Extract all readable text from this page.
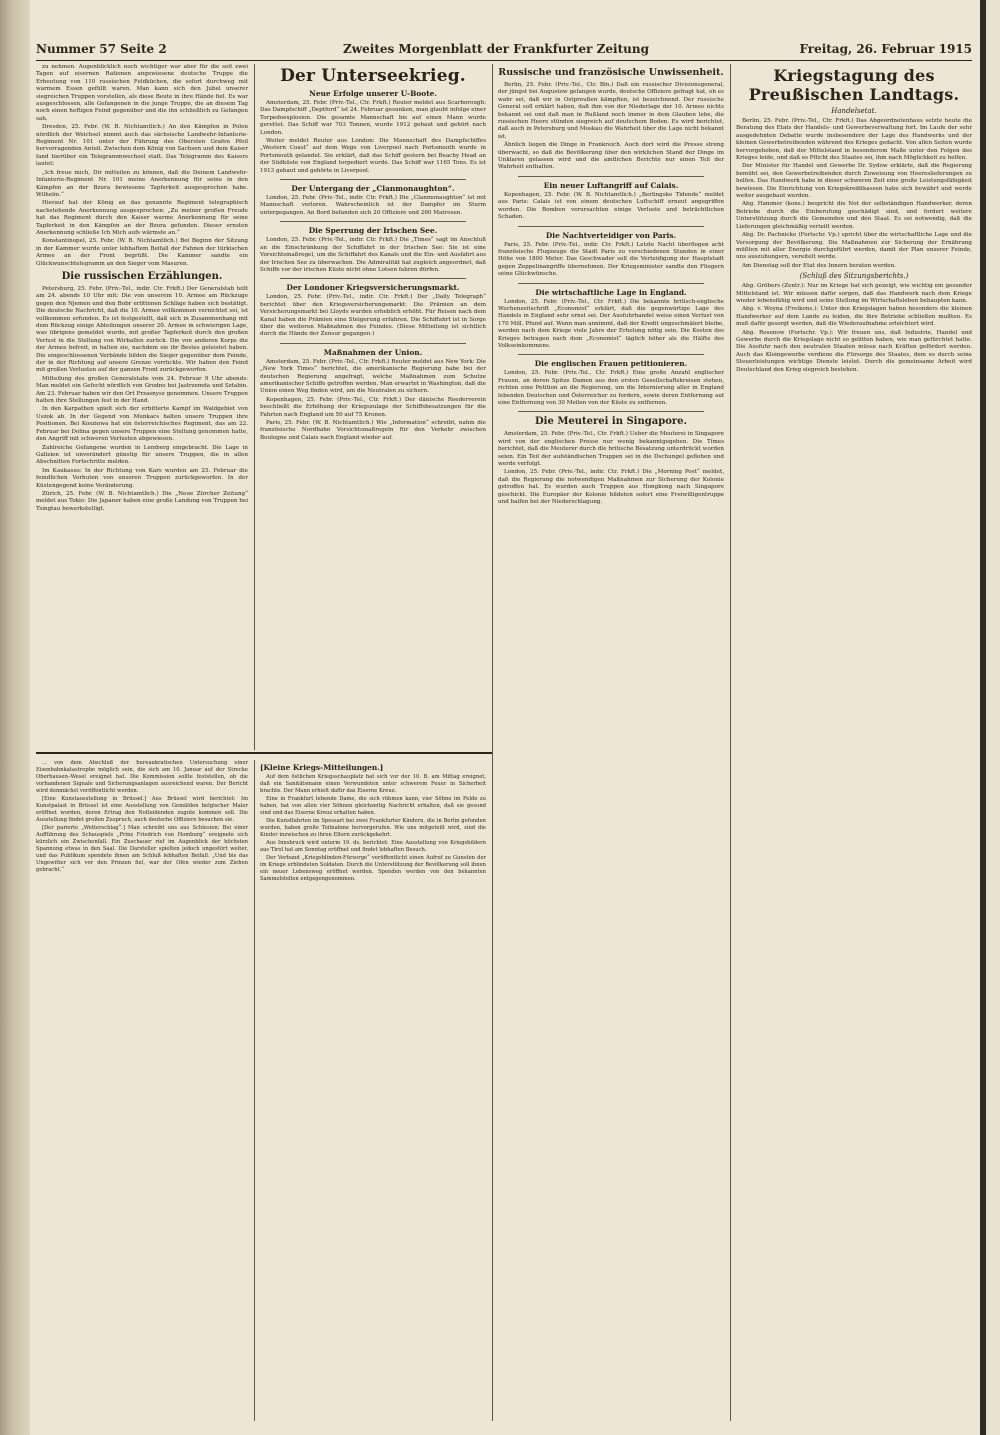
Nummer 57 Seite 2	Zweites Morgenblatt der Frankfurter Zeitung	Freitag, 26. Februar 1915

zu nehmen. Augenblicklich noch wichtiger war aber für die seit zwei Tagen auf eisernen Rationen angewiesene deutsche Truppe die Erbeutung von 110 russischen Feldküchen, die sofort durchweg mit warmem Essen gefüllt waren. Man kann sich den Jubel unserer siegreichen Truppen vorstellen, als diese Beute in ihre Hände fiel. Es war ausgeschlossen, alle Gefangenen in die junge Truppe, die an diesem Tag noch einen heftigen Feind gegenüber und die ihn schließlich zu Gefangen sah.

Dresden, 25. Febr. (W. B. Nichtamtlich.) An den Kämpfen in Polen nördlich der Weichsel nimmt auch das sächsische Landwehr-Infanterie-Regiment Nr. 101 unter der Führung des Obersten Grafen Pfeil hervorragenden Anteil. Zwischen dem König von Sachsen und dem Kaiser fand hierüber ein Telegrammwechsel statt. Das Telegramm des Kaisers lautet:

„Ich freue mich, Dir mitteilen zu können, daß die Deinem Landwehr-Infanterie-Regiment Nr. 101 meine Anerkennung für seine in den Kämpfen an der Bzura bewiesene Tapferkeit ausgesprochen habe. Wilhelm.“

Hierauf hat der König an das genannte Regiment telegraphisch nachstehende Anerkennung ausgesprochen: „Zu meiner großen Freude hat das Regiment durch den Kaiser warme Anerkennung für seine Tapferkeit in den Kämpfen an der Bzura gefunden. Dieser ernsten Anerkennung schließe Ich Mich aufs wärmste an.“

Konstantinopel, 25. Febr. (W. B. Nichtamtlich.) Bei Beginn der Sitzung in der Kammer wurde unter lebhaftem Beifall der Fahnen der türkischen Armee an der Front begrüßt. Die Kammer sandte ein Glückwunschtelegramm an den Sieger vom Masuren.

Die russischen Erzählungen.

Petersburg, 25. Febr. (Priv.-Tel., indir. Ctr. Frkft.) Der Generalstab teilt am 24. abends 10 Uhr mit: Die von unserem 10. Armee am Rückzuge gegen den Njemen und den Bobr erlittenen Schläge haben sich bestätigt. Die deutsche Nachricht, daß die 10. Armee vollkommen vernichtet sei, ist vollkommen erfunden. Es ist festgestellt, daß sich in Zusammenhang mit dem Rückzug einige Abteilungen unserer 20. Armee in schwierigen Lage, was übrigens gemeldet wurde, mit großer Tapferkeit durch den großen Verlust in die Stellung von Wirballen zurück. Die von anderen Korps die der Armee befreit, in halten sie, nachdem sie ihr Bestes geleistet haben. Die eingeschlossenen Verbände bilden die Sieger gegenüber dem Feinde, der in der Richtung auf unsere Grenze vorrückte. Wir haben den Feind mit großen Verlusten auf der ganzen Front zurückgeworfen.

Mitteilung des großen Generalstabs vom 24. Februar 9 Uhr abends: Man meldet ein Gefecht nördlich von Grodno bei Jastrzemda und Sztabin. Am 23. Februar haben wir den Ort Przasnysz genommen. Unsere Truppen halten ihre Stellungen fest in der Hand.

In den Karpathen spielt sich der erbitterte Kampf im Waldgebiet von Uszok ab. In der Gegend von Munkacs halten unsere Truppen ihre Positionen. Bei Kosziowa hat ein österreichisches Regiment, das am 22. Februar bei Dolina gegen unsere Truppen eine Stellung genommen hatte, den Angriff mit schweren Verlusten abgewiesen.

Zahlreiche Gefangene wurden in Lemberg eingebracht. Die Lage in Galizien ist unverändert günstig für unsere Truppen, die in allen Abschnitten Fortschritte melden.

Im Kaukasus: In der Richtung von Kars wurden am 25. Februar die feindlichen Vorhuten von unseren Truppen zurückgeworfen. In der Küstengegend keine Veränderung.

Zürich, 25. Febr. (W. B. Nichtamtlich.) Die „Neue Zürcher Zeitung“ meldet aus Tokio: Die Japaner haben eine große Landung von Truppen bei Tsingtau bewerkstelligt.

Der Unterseekrieg.
Neue Erfolge unserer U-Boote.

Amsterdam, 25. Febr. (Priv.-Tel., Ctr. Frkft.) Reuter meldet aus Scarborough: Das Dampfschiff „Deptford“ ist 24. Februar gesunken, man glaubt infolge einer Torpedoexplosion. Die gesamte Mannschaft bis auf einen Mann wurde gerettet. Das Schiff war 703 Tonnen, wurde 1912 gebaut und gehört nach London.

Weiter meldet Reuter aus London: Die Mannschaft des Dampfschiffes „Western Coast“ auf dem Wege von Liverpool nach Portsmouth wurde in Portsmouth gelandet. Sie erklärt, daß das Schiff gestern bei Beachy Head an der Südküste von England torpediert wurde. Das Schiff war 1165 Tons. Es ist 1913 gebaut und gehörte in Liverpool.

Der Untergang der „Clanmonaughton“.

London, 25. Febr. (Priv.-Tel., indir. Ctr. Frkft.) Die „Clanmonaughton“ ist mit Mannschaft verloren. Wahrscheinlich ist der Dampfer im Sturm untergegangen. An Bord befanden sich 20 Offiziere und 260 Matrosen.

Die Sperrung der Irischen See.

London, 25. Febr. (Priv.-Tel., indir. Ctr. Frkft.) Die „Times“ sagt im Anschluß an die Einschränkung der Schiffahrt in der Irischen See: Sie ist eine Vorsichtsmaßregel, um die Schiffahrt des Kanals und die Ein- und Ausfahrt aus der Irischen See zu überwachen. Die Admiralität hat zugleich angeordnet, daß Schiffe vor der irischen Küste nicht ohne Lotsen fahren dürfen.

Der Londoner Kriegsversicherungsmarkt.

London, 25. Febr. (Priv.-Tel., indir. Ctr. Frkft.) Der „Daily Telegraph“ berichtet über den Kriegsversicherungsmarkt: Die Prämien an dem Versicherungsmarkt bei Lloyds wurden erheblich erhöht. Für Reisen nach dem Kanal haben die Prämien eine Steigerung erfahren. Die Schiffahrt ist in Sorge über die weiteren Maßnahmen des Feindes. (Diese Mitteilung ist sichtlich durch die Hände der Zensur gegangen.)

Maßnahmen der Union.

Amsterdam, 25. Febr. (Priv.-Tel., Ctr. Frkft.) Reuter meldet aus New York: Die „New York Times“ berichtet, die amerikanische Regierung habe bei der deutschen Regierung angefragt, welche Maßnahmen zum Schutze amerikanischer Schiffe getroffen werden. Man erwartet in Washington, daß die Union einen Weg finden wird, um die Neutralen zu sichern.

Kopenhagen, 25. Febr. (Priv.-Tel., Ctr. Frkft.) Der dänische Reederverein beschließt die Erhöhung der Kriegszulage der Schiffsbesatzungen für die Fahrten nach England um 50 auf 75 Kronen.

Paris, 25. Febr. (W. B. Nichtamtlich.) Wie „Information“ schreibt, nahm die französische Nordbahn Vorsichtsmaßregeln für den Verkehr zwischen Boulogne und Calais nach England wieder auf.

Russische und französische Unwissenheit.

Berlin, 25. Febr. (Priv.-Tel., Ctr. Bln.) Daß ein russischer Divisionsgeneral, der jüngst bei Augustow gefangen wurde, deutsche Offiziere gefragt hat, ob es wahr sei, daß wir in Ostpreußen kämpften, ist bezeichnend. Der russische General soll erklärt haben, daß ihm von der Niederlage der 10. Armee nichts bekannt sei und daß man in Rußland noch immer in dem Glauben lebe, die russischen Heere stünden siegreich auf deutschem Boden. Es wird berichtet, daß auch in Petersburg und Moskau die Wahrheit über die Lage nicht bekannt ist.

Ähnlich liegen die Dinge in Frankreich. Auch dort wird die Presse streng überwacht, so daß die Bevölkerung über den wirklichen Stand der Dinge im Unklaren gelassen wird und die amtlichen Berichte nur einen Teil der Wahrheit enthalten.

Ein neuer Luftangriff auf Calais.

Kopenhagen, 25. Febr. (W. B. Nichtamtlich.) „Berlingske Tidende“ meldet aus Paris: Calais ist von einem deutschen Luftschiff erneut angegriffen worden. Die Bomben verursachten einige Verluste und beträchtlichen Schaden.

Die Nachtverteidiger von Paris.

Paris, 25. Febr. (Priv.-Tel., indir. Ctr. Frkft.) Letzte Nacht überflogen acht französische Flugzeuge die Stadt Paris zu verschiedenen Stunden in einer Höhe von 1800 Meter. Das Geschwader soll die Verteidigung der Hauptstadt gegen Zeppelinangriffe übernehmen. Der Kriegsminister sandte den Fliegern seine Glückwünsche.

Die wirtschaftliche Lage in England.

London, 25. Febr. (Priv.-Tel., Ctr. Frkft.) Die bekannte britisch-englische Wochenzeitschrift „Economist“ erklärt, daß die gegenwärtige Lage des Handels in England sehr ernst sei. Der Ausfuhrhandel weise einen Verlust von 170 Mill. Pfund auf. Wenn man annimmt, daß der Kredit ungeschmälert bleibe, werden nach dem Kriege viele Jahre der Erholung nötig sein. Die Kosten des Krieges betragen nach dem „Economist“ täglich höher als die Hälfte des Volkseinkommens.

Die englischen Frauen petitionieren.

London, 25. Febr. (Priv.-Tel., Ctr. Frkft.) Eine große Anzahl englischer Frauen, an deren Spitze Damen aus den ersten Gesellschaftskreisen stehen, richten eine Petition an die Regierung, um die Internierung aller in England lebenden Deutschen und Österreicher zu fordern, sowie deren Entfernung auf eine Entfernung von 30 Meilen von der Küste zu entfernen.

Die Meuterei in Singapore.

Amsterdam, 25. Febr. (Priv.-Tel., Ctr. Frkft.) Ueber die Meuterei in Singapore wird von der englischen Presse nur wenig bekanntgegeben. Die Times berichtet, daß die Meuterer durch die britische Besatzung unterdrückt worden seien. Ein Teil der aufständischen Truppen sei in die Dschungel geflohen und werde verfolgt.

London, 25. Febr. (Priv.-Tel., indir. Ctr. Frkft.) Die „Morning Post“ meldet, daß die Regierung die notwendigen Maßnahmen zur Sicherung der Kolonie getroffen hat. Es wurden auch Truppen aus Hongkong nach Singapore geschickt. Die Europäer der Kolonie bildeten sofort eine Freiwilligentruppe und halfen bei der Niederschlagung.

Kriegstagung des Preußischen Landtags.
Handelsetat.

Berlin, 25. Febr. (Priv.-Tel., Ctr. Frkft.) Das Abgeordnetenhaus setzte heute die Beratung des Etats der Handels- und Gewerbeverwaltung fort. Im Laufe der sehr ausgedehnten Debatte wurde insbesondere der Lage des Handwerks und der kleinen Gewerbetreibenden während des Krieges gedacht. Von allen Seiten wurde hervorgehoben, daß der Mittelstand in besonderem Maße unter den Folgen des Krieges leide, und daß es Pflicht des Staates sei, ihm nach Möglichkeit zu helfen.

Der Minister für Handel und Gewerbe Dr. Sydow erklärte, daß die Regierung bemüht sei, den Gewerbetreibenden durch Zuweisung von Heereslieferungen zu helfen. Das Handwerk habe in dieser schweren Zeit eine große Leistungsfähigkeit bewiesen. Die Einrichtung von Kriegskreditkassen habe sich bewährt und werde weiter ausgebaut werden.

Abg. Hammer (kons.) bespricht die Not der selbständigen Handwerker, deren Betriebe durch die Einberufung geschädigt sind, und fordert weitere Unterstützung durch die Gemeinden und den Staat. Es sei notwendig, daß die Lieferungen gleichmäßig verteilt werden.

Abg. Dr. Pachnicke (Fortschr. Vp.) spricht über die wirtschaftliche Lage und die Versorgung der Bevölkerung. Die Maßnahmen zur Sicherung der Ernährung müßten mit aller Energie durchgeführt werden, damit der Plan unserer Feinde, uns auszuhungern, vereitelt werde.

Am Dienstag soll der Etat des Innern beraten werden.

(Schluß des Sitzungsberichts.)

Abg. Gröbers (Zentr.): Nur im Kriege hat sich gezeigt, wie wichtig ein gesunder Mittelstand ist. Wir müssen dafür sorgen, daß das Handwerk nach dem Kriege wieder lebensfähig wird und seine Stellung im Wirtschaftsleben behaupten kann.

Abg. v. Woyna (Freikons.): Unter den Kriegslagen haben besonders die kleinen Handwerker auf dem Lande zu leiden, die ihre Betriebe schließen mußten. Es muß dafür gesorgt werden, daß die Wiederaufnahme erleichtert wird.

Abg. Rosenow (Fortschr. Vp.): Wir freuen uns, daß Industrie, Handel und Gewerbe durch die Kriegslage nicht so gelitten haben, wie man gefürchtet hatte. Die Ausfuhr nach den neutralen Staaten müsse nach Kräften gefördert werden. Auch das Kleingewerbe verdiene die Fürsorge des Staates, dem es durch seine Steuerleistungen wichtige Dienste leistet. Durch die gemeinsame Arbeit wird Deutschland den Krieg siegreich bestehen.

... von dem Abschluß der bureaukratischen Untersuchung einer Eisenbahnkatastrophe möglich sein, die sich am 10. Januar auf der Strecke Oberhausen–Wesel ereignet hat. Die Kommission sollte feststellen, ob die vorhandenen Signale und Sicherungsanlagen ausreichend waren. Der Bericht wird demnächst veröffentlicht werden.

[Eine Kunstausstellung in Brüssel.] Aus Brüssel wird berichtet: Im Kunstpalast in Brüssel ist eine Ausstellung von Gemälden belgischer Maler eröffnet worden, deren Ertrag den Notleidenden zugute kommen soll. Die Ausstellung findet großen Zuspruch, auch deutsche Offiziere besuchen sie.

[Der parierte „Wetterschlag“.] Man schreibt uns aus Schlesien: Bei einer Aufführung des Schauspiels „Prinz Friedrich von Homburg“ ereignete sich kürzlich ein Zwischenfall. Ein Zuschauer rief im Augenblick der höchsten Spannung etwas in den Saal. Die Darsteller spielten jedoch ungestört weiter, und das Publikum spendete ihnen am Schluß lebhaften Beifall. „Und bis das Ungewitter sich vor den Prinzen fiel, war der Ofen wieder zum Ziehen gebracht.“

[Kleine Kriegs-Mitteilungen.]

Auf dem östlichen Kriegsschauplatz hat sich vor der 10. B. am Mittag ereignet, daß ein Sanitätsmann einen Verwundeten unter schwerem Feuer in Sicherheit brachte. Der Mann erhielt dafür das Eiserne Kreuz.

Eine in Frankfurt lebende Dame, die sich rühmen kann, vier Söhne im Felde zu haben, hat von allen vier Söhnen gleichzeitig Nachricht erhalten, daß sie gesund sind und das Eiserne Kreuz erhalten haben.

Die Kunstfahrten im Spessart bei zwei Frankfurter Kindern, die in Berlin gefunden wurden, haben große Teilnahme hervorgerufen. Wie uns mitgeteilt wird, sind die Kinder inzwischen zu ihren Eltern zurückgekehrt.

Aus Innsbruck wird unterm 19. ds. berichtet: Eine Ausstellung von Kriegsbildern aus Tirol hat am Sonntag eröffnet und findet lebhaften Besuch.

Der Verband „Kriegsblinden-Fürsorge“ veröffentlicht einen Aufruf zu Gunsten der im Kriege erblindeten Soldaten. Durch die Unterstützung der Bevölkerung soll ihnen ein neuer Lebensweg eröffnet werden. Spenden werden von den bekannten Sammelstellen entgegengenommen.
